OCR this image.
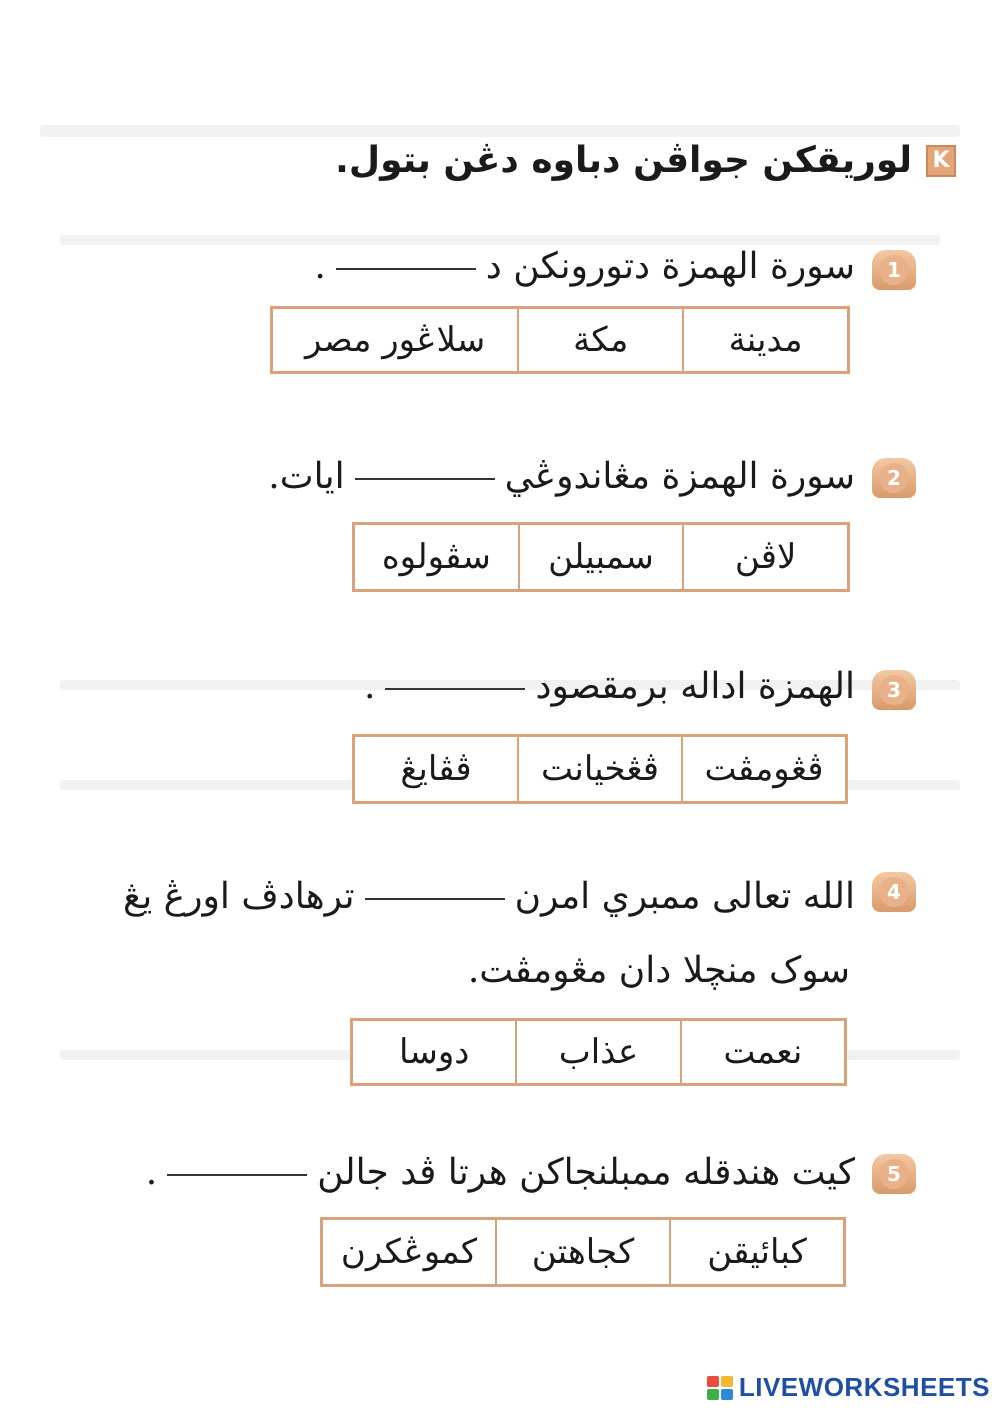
K
لوريقكن جواڤن دباوه دڠن بتول.
1
سورة الهمزة دتورونكن د.
مدينة
مكة
سلاڠور مصر
2
سورة الهمزة مڠاندوڠيايات.
لاڤن
سمبيلن
سڤولوه
3
الهمزة اداله برمقصود.
ڤڠومڤت
ڤڠخيانت
ڤڤايڠ
4
الله تعالى ممبري امرنترهادڤ اورڠ يڠ
سوک منچلا دان مڠومڤت.
نعمت
عذاب
دوسا
5
كيت هندقله ممبلنجاکن هرتا ڤد جالن.
کبائيقن
کجاهتن
کموڠکرن
LIVEWORKSHEETS
